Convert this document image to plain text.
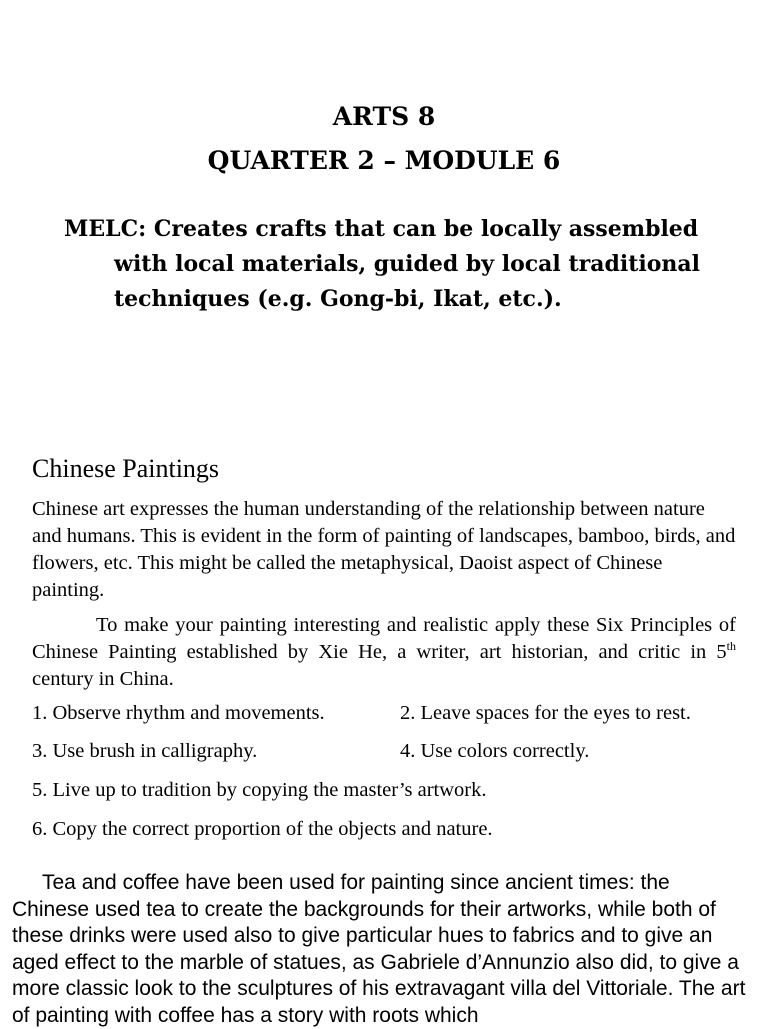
ARTS 8
QUARTER 2 – MODULE 6

MELC: Creates crafts that can be locally assembled with local materials, guided by local traditional techniques (e.g. Gong-bi, Ikat, etc.).

Chinese Paintings

Chinese art expresses the human understanding of the relationship between nature and humans. This is evident in the form of painting of landscapes, bamboo, birds, and flowers, etc. This might be called the metaphysical, Daoist aspect of Chinese painting.

To make your painting interesting and realistic apply these Six Principles of Chinese Painting established by Xie He, a writer, art historian, and critic in 5th century in China.

1. Observe rhythm and movements.	2. Leave spaces for the eyes to rest.
3. Use brush in calligraphy.	4. Use colors correctly.
5. Live up to tradition by copying the master’s artwork.
6. Copy the correct proportion of the objects and nature.

Tea and coffee have been used for painting since ancient times: the Chinese used tea to create the backgrounds for their artworks, while both of these drinks were used also to give particular hues to fabrics and to give an aged effect to the marble of statues, as Gabriele d’Annunzio also did, to give a more classic look to the sculptures of his extravagant villa del Vittoriale. The art of painting with coffee has a story with roots which
